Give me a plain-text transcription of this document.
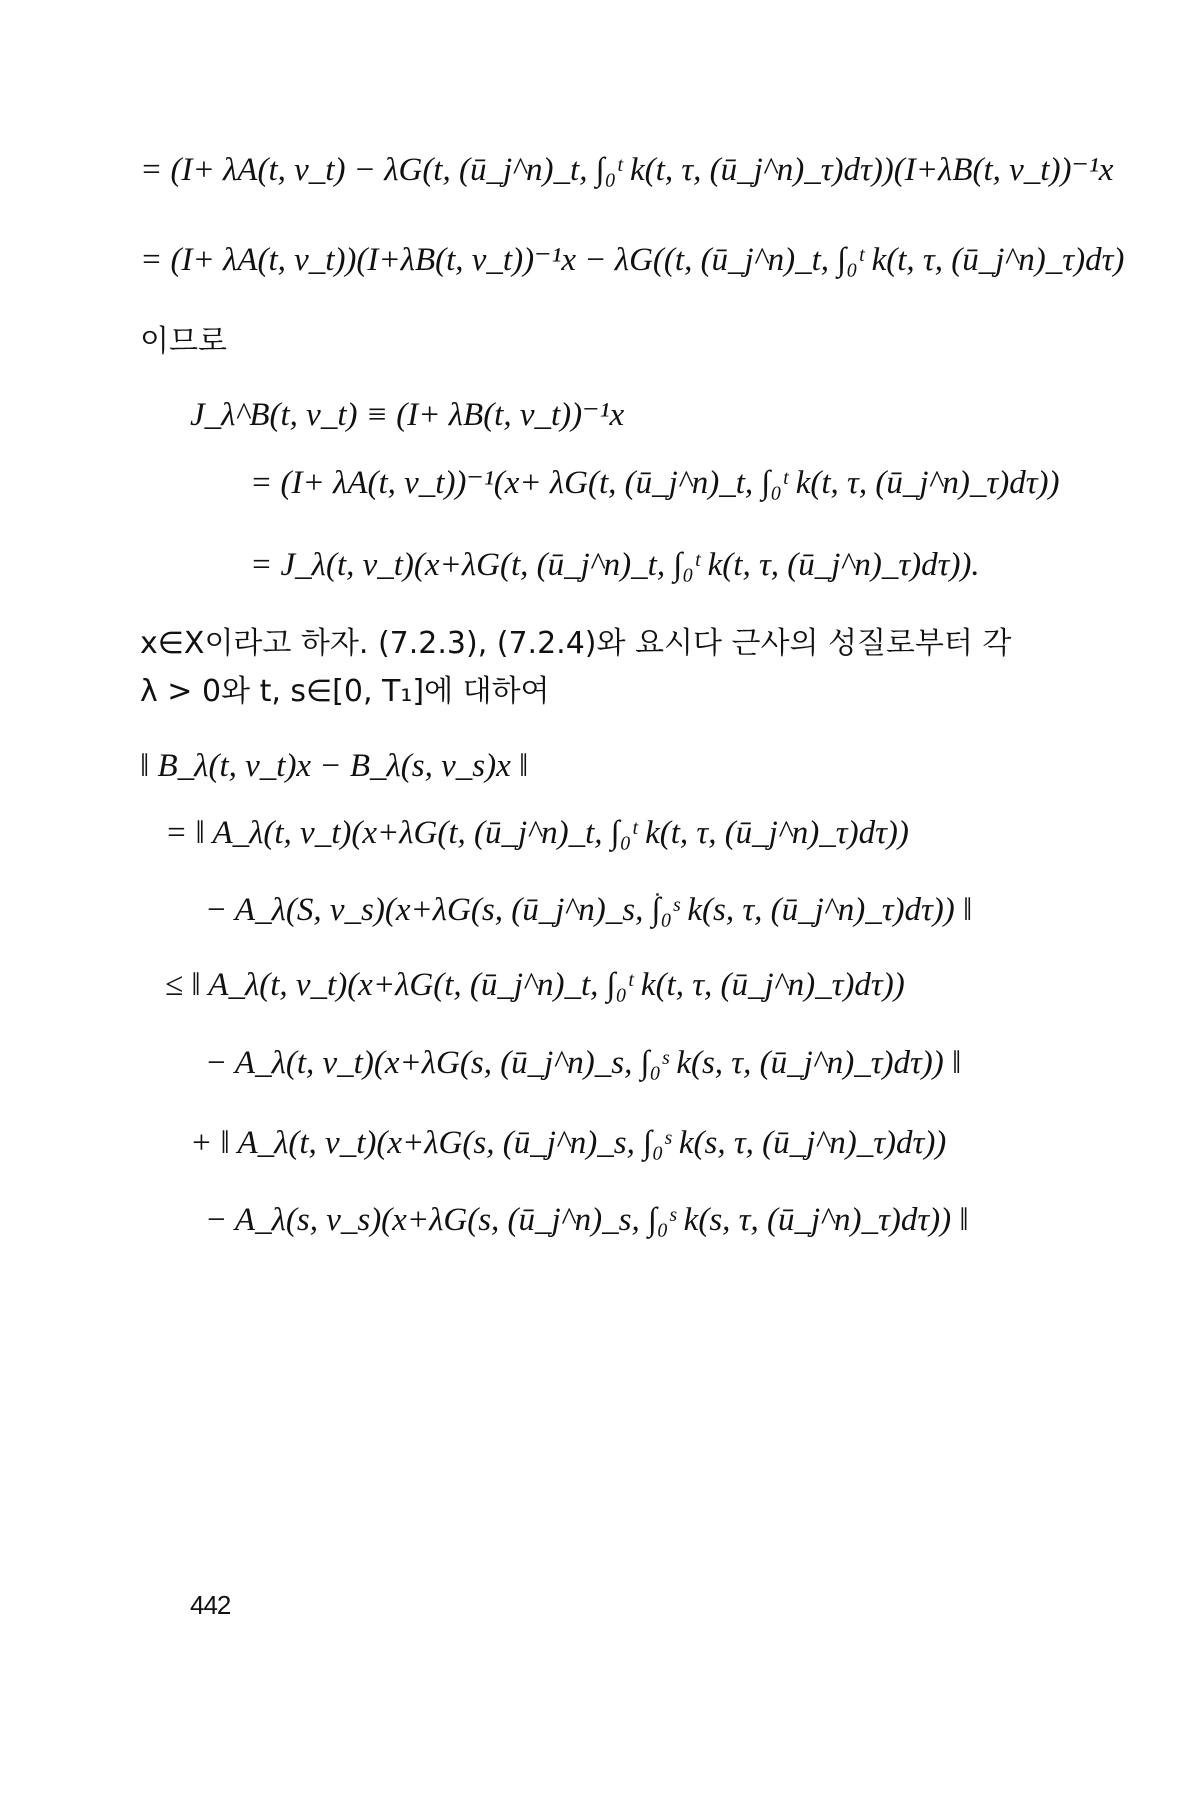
= (I+ λA(t, v_t) − λG(t, (ū_j^n)_t, ∫₀ᵗ k(t, τ, (ū_j^n)_τ)dτ))(I+λB(t, v_t))⁻¹x
= (I+ λA(t, v_t))(I+λB(t, v_t))⁻¹x − λG((t, (ū_j^n)_t, ∫₀ᵗ k(t, τ, (ū_j^n)_τ)dτ)
이므로
J_λ^B(t, v_t) ≡ (I+ λB(t, v_t))⁻¹x
= (I+ λA(t, v_t))⁻¹(x+ λG(t, (ū_j^n)_t, ∫₀ᵗ k(t, τ, (ū_j^n)_τ)dτ))
= J_λ(t, v_t)(x+λG(t, (ū_j^n)_t, ∫₀ᵗ k(t, τ, (ū_j^n)_τ)dτ)).
x∈X이라고 하자. (7.2.3), (7.2.4)와 요시다 근사의 성질로부터 각
λ > 0와 t, s∈[0, T₁]에 대하여
‖ B_λ(t, v_t)x − B_λ(s, v_s)x ‖
= ‖ A_λ(t, v_t)(x+λG(t, (ū_j^n)_t, ∫₀ᵗ k(t, τ, (ū_j^n)_τ)dτ))
− A_λ(S, v_s)(x+λG(s, (ū_j^n)_s, ∫₀ˢ k(s, τ, (ū_j^n)_τ)dτ)) ‖
≤ ‖ A_λ(t, v_t)(x+λG(t, (ū_j^n)_t, ∫₀ᵗ k(t, τ, (ū_j^n)_τ)dτ))
− A_λ(t, v_t)(x+λG(s, (ū_j^n)_s, ∫₀ˢ k(s, τ, (ū_j^n)_τ)dτ)) ‖
+ ‖ A_λ(t, v_t)(x+λG(s, (ū_j^n)_s, ∫₀ˢ k(s, τ, (ū_j^n)_τ)dτ))
− A_λ(s, v_s)(x+λG(s, (ū_j^n)_s, ∫₀ˢ k(s, τ, (ū_j^n)_τ)dτ)) ‖
442
